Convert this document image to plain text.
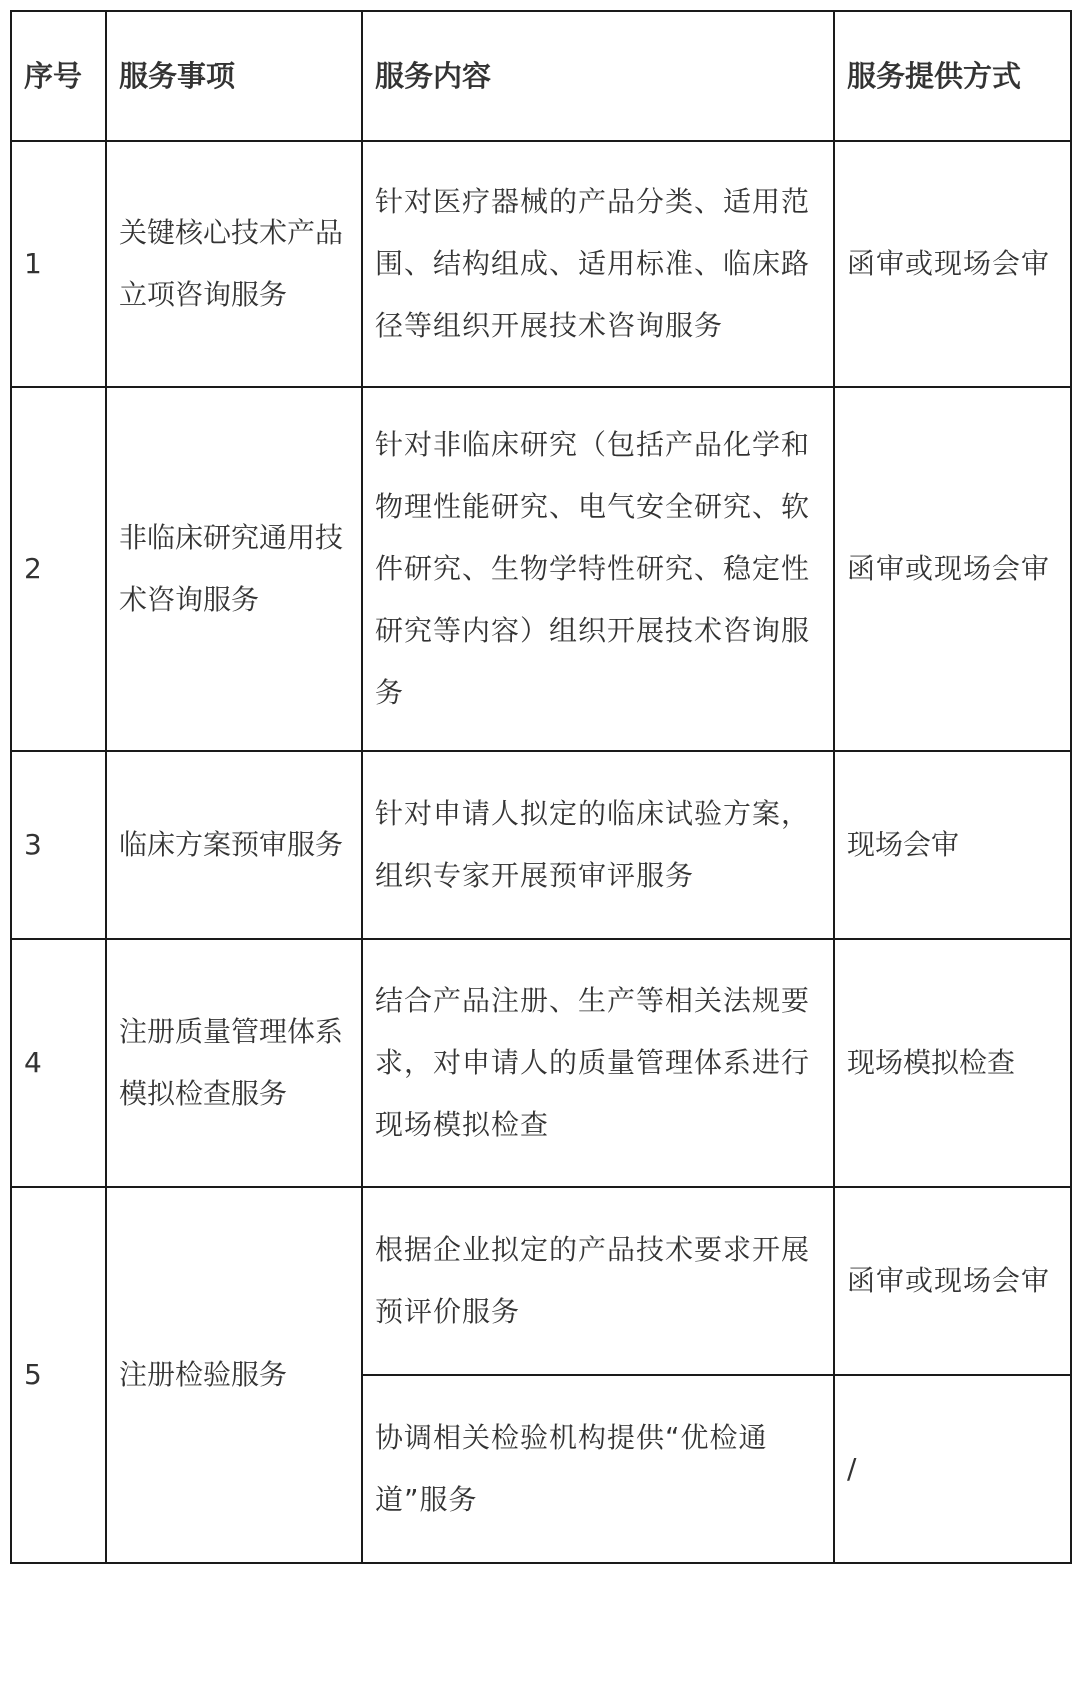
序号	服务事项	服务内容	服务提供方式
1	关键核心技术产品立项咨询服务	针对医疗器械的产品分类、适用范围、结构组成、适用标准、临床路径等组织开展技术咨询服务	函审或现场会审
2	非临床研究通用技术咨询服务	针对非临床研究（包括产品化学和物理性能研究、电气安全研究、软件研究、生物学特性研究、稳定性研究等内容）组织开展技术咨询服务	函审或现场会审
3	临床方案预审服务	针对申请人拟定的临床试验方案，组织专家开展预审评服务	现场会审
4	注册质量管理体系模拟检查服务	结合产品注册、生产等相关法规要求，对申请人的质量管理体系进行现场模拟检查	现场模拟检查
5	注册检验服务	根据企业拟定的产品技术要求开展预评价服务	函审或现场会审
		协调相关检验机构提供“优检通道”服务	/
